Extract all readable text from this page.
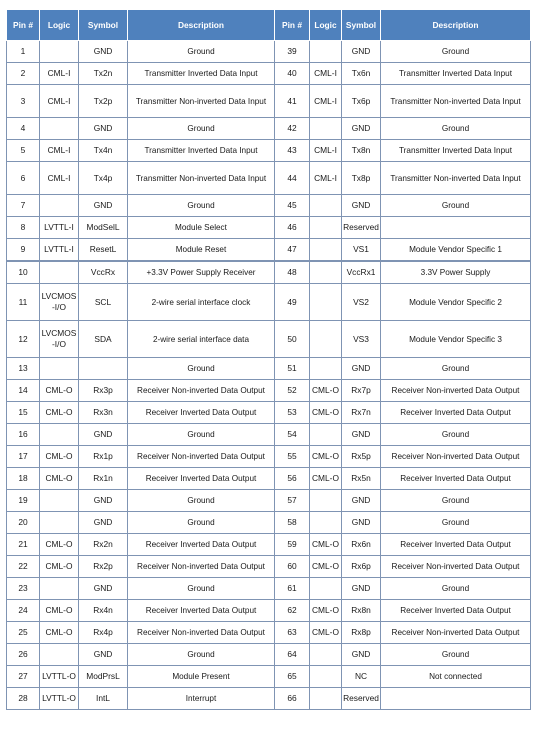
Pin #	Logic	Symbol	Description	Pin #	Logic	Symbol	Description
1		GND	Ground	39		GND	Ground
2	CML-I	Tx2n	Transmitter Inverted Data Input	40	CML-I	Tx6n	Transmitter Inverted Data Input
3	CML-I	Tx2p	Transmitter Non-inverted Data Input	41	CML-I	Tx6p	Transmitter Non-inverted Data Input
4		GND	Ground	42		GND	Ground
5	CML-I	Tx4n	Transmitter Inverted Data Input	43	CML-I	Tx8n	Transmitter Inverted Data Input
6	CML-I	Tx4p	Transmitter Non-inverted Data Input	44	CML-I	Tx8p	Transmitter Non-inverted Data Input
7		GND	Ground	45		GND	Ground
8	LVTTL-I	ModSelL	Module Select	46		Reserved	
9	LVTTL-I	ResetL	Module Reset	47		VS1	Module Vendor Specific 1
10		VccRx	+3.3V Power Supply Receiver	48		VccRx1	3.3V Power Supply
11	LVCMOS -I/O	SCL	2-wire serial interface clock	49		VS2	Module Vendor Specific 2
12	LVCMOS -I/O	SDA	2-wire serial interface data	50		VS3	Module Vendor Specific 3
13			Ground	51		GND	Ground
14	CML-O	Rx3p	Receiver Non-inverted Data Output	52	CML-O	Rx7p	Receiver Non-inverted Data Output
15	CML-O	Rx3n	Receiver Inverted Data Output	53	CML-O	Rx7n	Receiver Inverted Data Output
16		GND	Ground	54		GND	Ground
17	CML-O	Rx1p	Receiver Non-inverted Data Output	55	CML-O	Rx5p	Receiver Non-inverted Data Output
18	CML-O	Rx1n	Receiver Inverted Data Output	56	CML-O	Rx5n	Receiver Inverted Data Output
19		GND	Ground	57		GND	Ground
20		GND	Ground	58		GND	Ground
21	CML-O	Rx2n	Receiver Inverted Data Output	59	CML-O	Rx6n	Receiver Inverted Data Output
22	CML-O	Rx2p	Receiver Non-inverted Data Output	60	CML-O	Rx6p	Receiver Non-inverted Data Output
23		GND	Ground	61		GND	Ground
24	CML-O	Rx4n	Receiver Inverted Data Output	62	CML-O	Rx8n	Receiver Inverted Data Output
25	CML-O	Rx4p	Receiver Non-inverted Data Output	63	CML-O	Rx8p	Receiver Non-inverted Data Output
26		GND	Ground	64		GND	Ground
27	LVTTL-O	ModPrsL	Module Present	65		NC	Not connected
28	LVTTL-O	IntL	Interrupt	66		Reserved	
